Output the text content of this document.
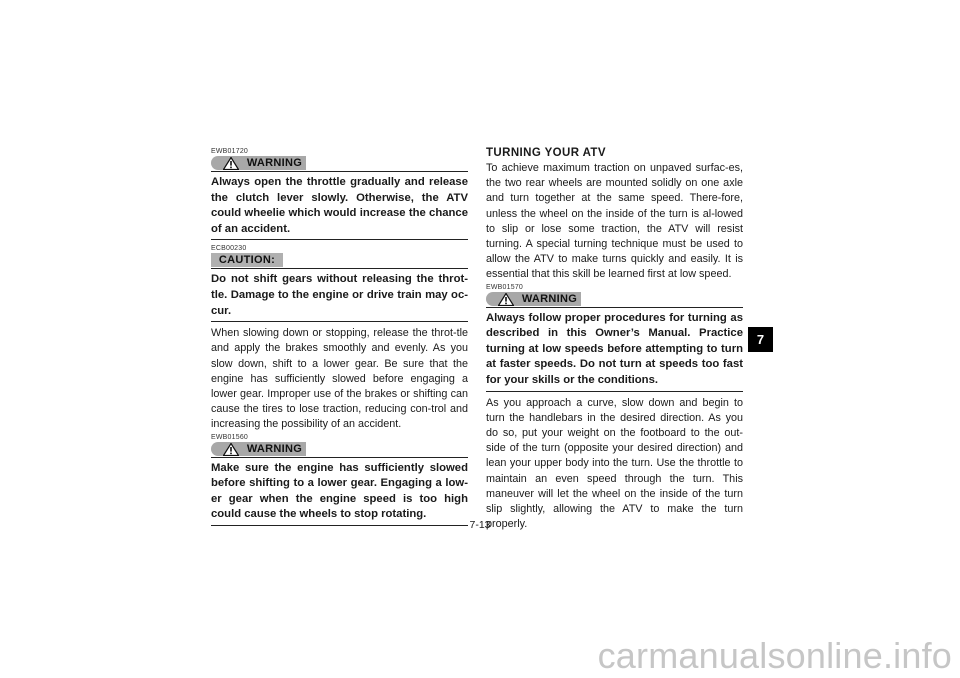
EWB01720
WARNING
Always open the throttle gradually and release the clutch lever slowly. Otherwise, the ATV could wheelie which would increase the chance of an accident.
ECB00230
CAUTION:
Do not shift gears without releasing the throt-tle. Damage to the engine or drive train may oc-cur.
When slowing down or stopping, release the throt-tle and apply the brakes smoothly and evenly. As you slow down, shift to a lower gear. Be sure that the engine has sufficiently slowed before engaging a lower gear. Improper use of the brakes or shifting can cause the tires to lose traction, reducing con-trol and increasing the possibility of an accident.
EWB01560
WARNING
Make sure the engine has sufficiently slowed before shifting to a lower gear. Engaging a low-er gear when the engine speed is too high could cause the wheels to stop rotating.
TURNING YOUR ATV
To achieve maximum traction on unpaved surfac-es, the two rear wheels are mounted solidly on one axle and turn together at the same speed. There-fore, unless the wheel on the inside of the turn is al-lowed to slip or lose some traction, the ATV will resist turning. A special turning technique must be used to allow the ATV to make turns quickly and easily. It is essential that this skill be learned first at low speed.
EWB01570
WARNING
Always follow proper procedures for turning as described in this Owner’s Manual. Practice turning at low speeds before attempting to turn at faster speeds. Do not turn at speeds too fast for your skills or the conditions.
As you approach a curve, slow down and begin to turn the handlebars in the desired direction. As you do so, put your weight on the footboard to the out-side of the turn (opposite your desired direction) and lean your upper body into the turn. Use the throttle to maintain an even speed through the turn. This maneuver will let the wheel on the inside of the turn slip slightly, allowing the ATV to make the turn properly.
7-13
7
carmanualsonline.info
